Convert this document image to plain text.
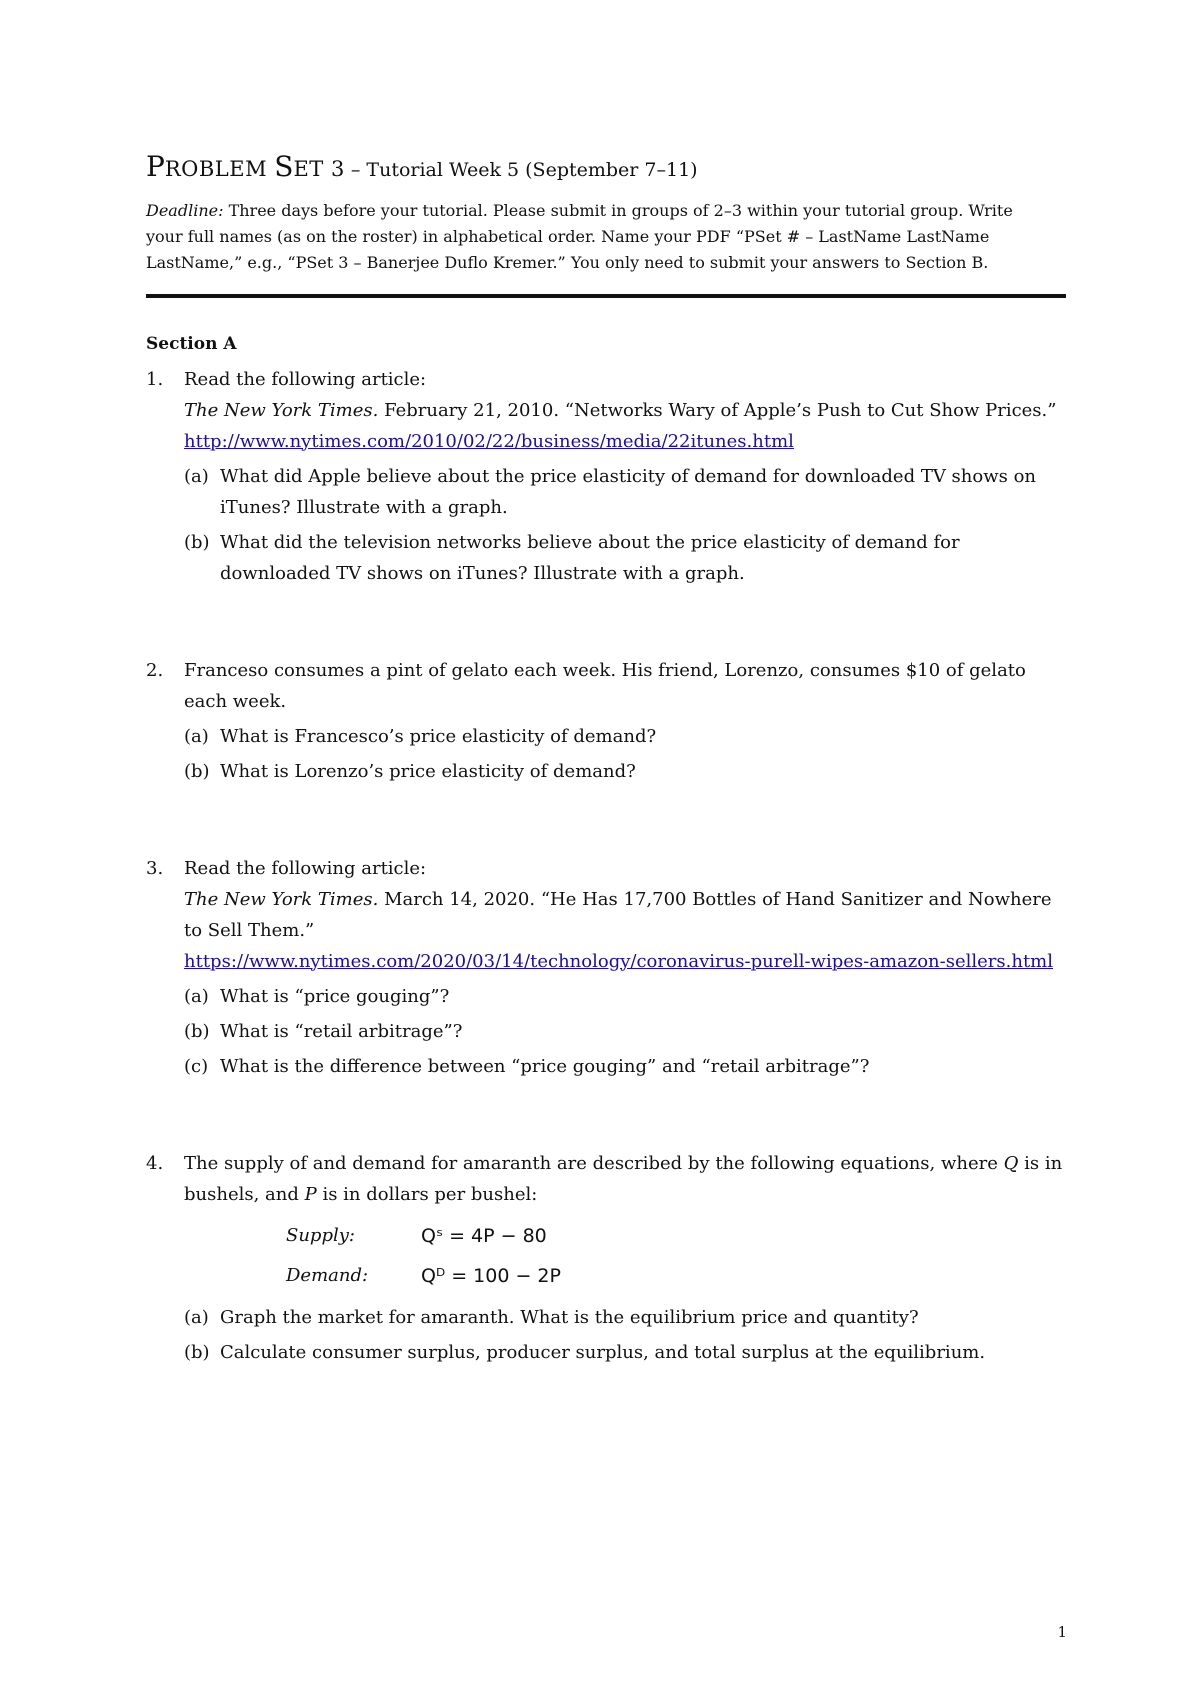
PROBLEM SET 3 – Tutorial Week 5 (September 7–11)

Deadline: Three days before your tutorial. Please submit in groups of 2–3 within your tutorial group. Write your full names (as on the roster) in alphabetical order. Name your PDF “PSet # – LastName LastName LastName,” e.g., “PSet 3 – Banerjee Duflo Kremer.” You only need to submit your answers to Section B.

Section A
1.	Read the following article:

The New York Times. February 21, 2010. “Networks Wary of Apple’s Push to Cut Show Prices.”

http://www.nytimes.com/2010/02/22/business/media/22itunes.html

(a) What did Apple believe about the price elasticity of demand for downloaded TV shows on iTunes? Illustrate with a graph.
(b) What did the television networks believe about the price elasticity of demand for downloaded TV shows on iTunes? Illustrate with a graph.
2.	Franceso consumes a pint of gelato each week. His friend, Lorenzo, consumes $10 of gelato each week.

(a) What is Francesco’s price elasticity of demand?
(b) What is Lorenzo’s price elasticity of demand?
3.	Read the following article:

The New York Times. March 14, 2020. “He Has 17,700 Bottles of Hand Sanitizer and Nowhere to Sell Them.”

https://www.nytimes.com/2020/03/14/technology/coronavirus-purell-wipes-amazon-sellers.html

(a) What is “price gouging”?
(b) What is “retail arbitrage”?
(c) What is the difference between “price gouging” and “retail arbitrage”?
4.	The supply of and demand for amaranth are described by the following equations, where Q is in bushels, and P is in dollars per bushel:

Supply:	Qˢ = 4P − 80
Demand:	Qᴰ = 100 − 2P
(a) Graph the market for amaranth. What is the equilibrium price and quantity?
(b) Calculate consumer surplus, producer surplus, and total surplus at the equilibrium.
1
